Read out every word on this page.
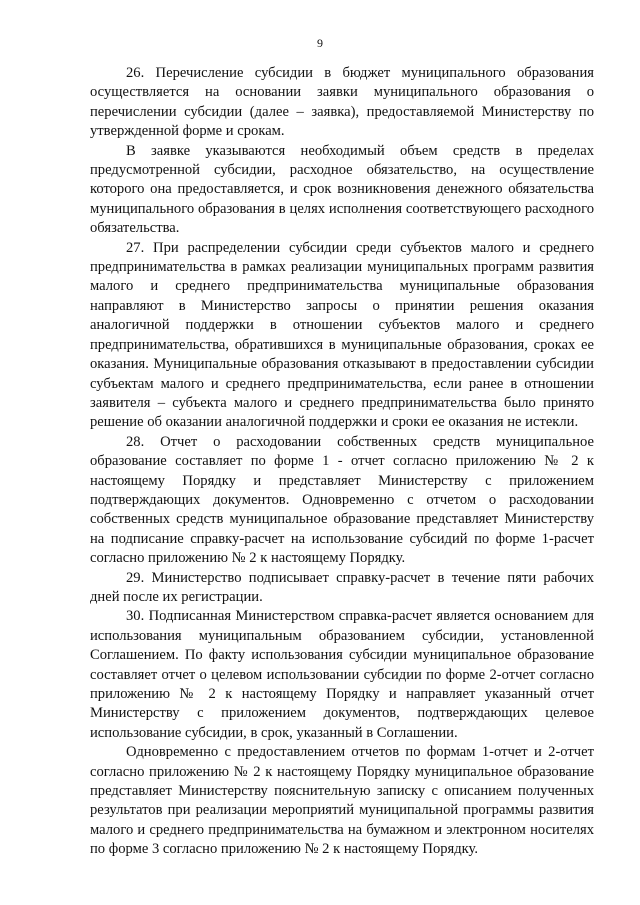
9

26. Перечисление субсидии в бюджет муниципального образования осуществляется на основании заявки муниципального образования о перечислении субсидии (далее – заявка), предоставляемой Министерству по утвержденной форме и срокам.

В заявке указываются необходимый объем средств в пределах предусмотренной субсидии, расходное обязательство, на осуществление которого она предоставляется, и срок возникновения денежного обязательства муниципального образования в целях исполнения соответствующего расходного обязательства.

27. При распределении субсидии среди субъектов малого и среднего предпринимательства в рамках реализации муниципальных программ развития малого и среднего предпринимательства муниципальные образования направляют в Министерство запросы о принятии решения оказания аналогичной поддержки в отношении субъектов малого и среднего предпринимательства, обратившихся в муниципальные образования, сроках ее оказания. Муниципальные образования отказывают в предоставлении субсидии субъектам малого и среднего предпринимательства, если ранее в отношении заявителя – субъекта малого и среднего предпринимательства было принято решение об оказании аналогичной поддержки и сроки ее оказания не истекли.

28. Отчет о расходовании собственных средств муниципальное образование составляет по форме 1 - отчет согласно приложению № 2 к настоящему Порядку и представляет Министерству с приложением подтверждающих документов. Одновременно с отчетом о расходовании собственных средств муниципальное образование представляет Министерству на подписание справку-расчет на использование субсидий по форме 1-расчет согласно приложению № 2 к настоящему Порядку.

29. Министерство подписывает справку-расчет в течение пяти рабочих дней после их регистрации.

30. Подписанная Министерством справка-расчет является основанием для использования муниципальным образованием субсидии, установленной Соглашением. По факту использования субсидии муниципальное образование составляет отчет о целевом использовании субсидии по форме 2-отчет согласно приложению № 2 к настоящему Порядку и направляет указанный отчет Министерству с приложением документов, подтверждающих целевое использование субсидии, в срок, указанный в Соглашении.

Одновременно с предоставлением отчетов по формам 1-отчет и 2-отчет согласно приложению № 2 к настоящему Порядку муниципальное образование представляет Министерству пояснительную записку с описанием полученных результатов при реализации мероприятий муниципальной программы развития малого и среднего предпринимательства на бумажном и электронном носителях по форме 3 согласно приложению № 2 к настоящему Порядку.
